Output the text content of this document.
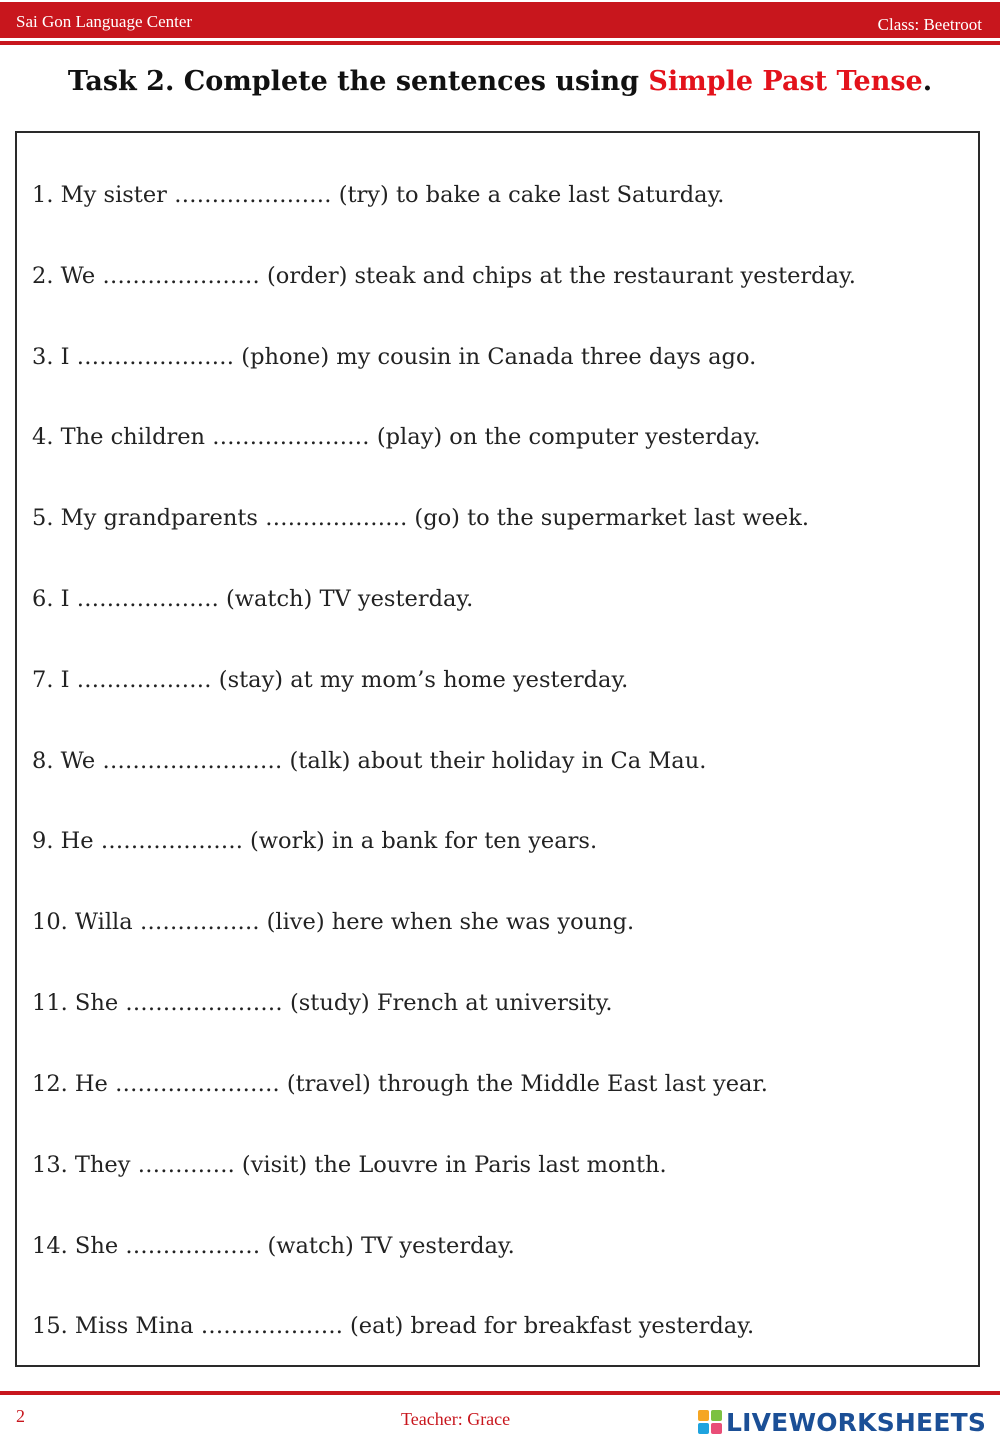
Sai Gon Language Center	Class: Beetroot
Task 2. Complete the sentences using Simple Past Tense.
1. My sister ………………… (try) to bake a cake last Saturday.
2. We ………………… (order) steak and chips at the restaurant yesterday.
3. I ………………… (phone) my cousin in Canada three days ago.
4. The children ………………… (play) on the computer yesterday.
5. My grandparents ………………. (go) to the supermarket last week.
6. I ………………. (watch) TV yesterday.
7. I ……………… (stay) at my mom’s home yesterday.
8. We …………………… (talk) about their holiday in Ca Mau.
9. He ………………. (work) in a bank for ten years.
10. Willa ……………. (live) here when she was young.
11. She ………………… (study) French at university.
12. He …………………. (travel) through the Middle East last year.
13. They …………. (visit) the Louvre in Paris last month.
14. She ……………… (watch) TV yesterday.
15. Miss Mina ………………. (eat) bread for breakfast yesterday.
2	Teacher: Grace	LIVEWORKSHEETS
